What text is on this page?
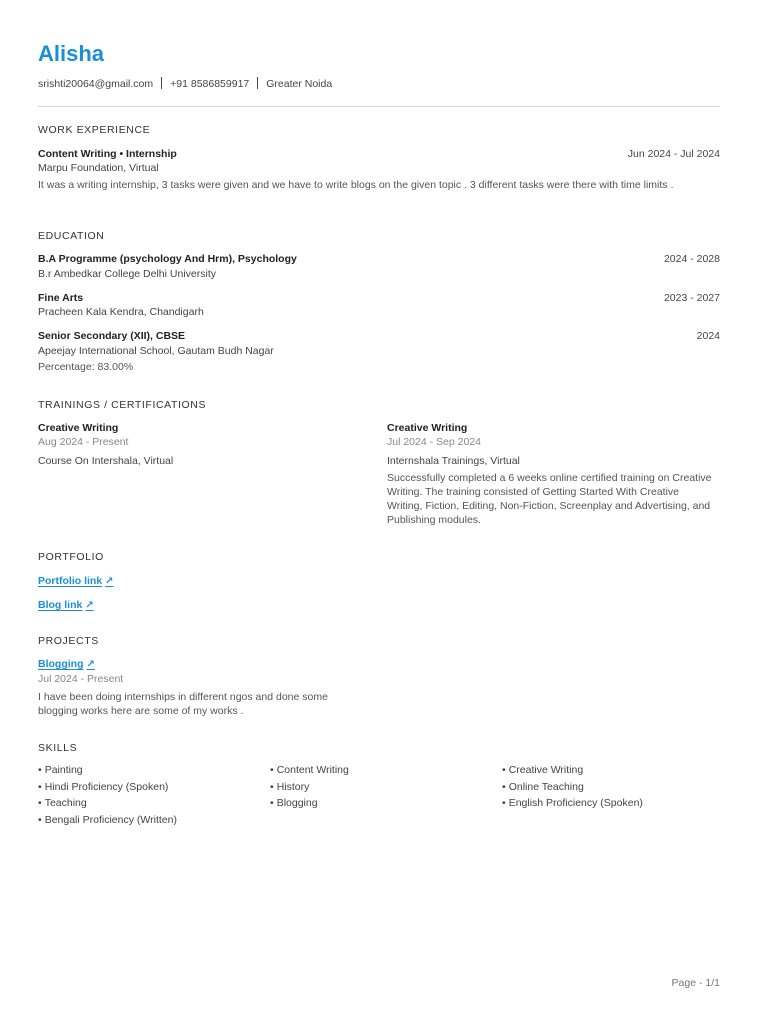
Alisha
srishti20064@gmail.com +91 8586859917 Greater Noida
WORK EXPERIENCE
Content Writing • Internship	Jun 2024 - Jul 2024
Marpu Foundation, Virtual
It was a writing internship, 3 tasks were given and we have to write blogs on the given topic . 3 different tasks were there with time limits .
EDUCATION
B.A Programme (psychology And Hrm), Psychology	2024 - 2028
B.r Ambedkar College Delhi University
Fine Arts	2023 - 2027
Pracheen Kala Kendra, Chandigarh
Senior Secondary (XII), CBSE	2024
Apeejay International School, Gautam Budh Nagar
Percentage: 83.00%
TRAININGS / CERTIFICATIONS
Creative Writing
Aug 2024 - Present
Course On Intershala, Virtual
Creative Writing
Jul 2024 - Sep 2024
Internshala Trainings, Virtual
Successfully completed a 6 weeks online certified training on Creative Writing. The training consisted of Getting Started With Creative Writing, Fiction, Editing, Non-Fiction, Screenplay and Advertising, and Publishing modules.
PORTFOLIO
Portfolio link ↗
Blog link ↗
PROJECTS
Blogging ↗
Jul 2024 - Present
I have been doing internships in different ngos and done some blogging works here are some of my works .
SKILLS
• Painting	• Content Writing	• Creative Writing
• Hindi Proficiency (Spoken)	• History	• Online Teaching
• Teaching	• Blogging	• English Proficiency (Spoken)
• Bengali Proficiency (Written)
Page - 1/1
